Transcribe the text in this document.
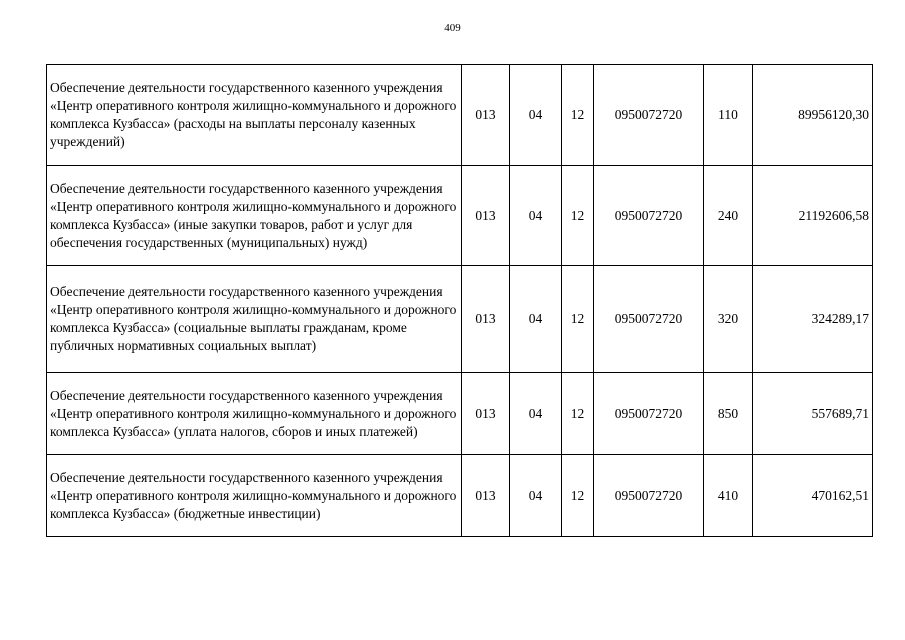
409
Обеспечение деятельности государственного казенного учреждения «Центр оперативного контроля жилищно-коммунального и дорожного комплекса Кузбасса» (расходы на выплаты персоналу казенных учреждений)	013	04	12	0950072720	110	89956120,30
Обеспечение деятельности государственного казенного учреждения «Центр оперативного контроля жилищно-коммунального и дорожного комплекса Кузбасса» (иные закупки товаров, работ и услуг для обеспечения государственных (муниципальных) нужд)	013	04	12	0950072720	240	21192606,58
Обеспечение деятельности государственного казенного учреждения «Центр оперативного контроля жилищно-коммунального и дорожного комплекса Кузбасса» (социальные выплаты гражданам, кроме публичных нормативных социальных выплат)	013	04	12	0950072720	320	324289,17
Обеспечение деятельности государственного казенного учреждения «Центр оперативного контроля жилищно-коммунального и дорожного комплекса Кузбасса» (уплата налогов, сборов и иных платежей)	013	04	12	0950072720	850	557689,71
Обеспечение деятельности государственного казенного учреждения «Центр оперативного контроля жилищно-коммунального и дорожного комплекса Кузбасса» (бюджетные инвестиции)	013	04	12	0950072720	410	470162,51
